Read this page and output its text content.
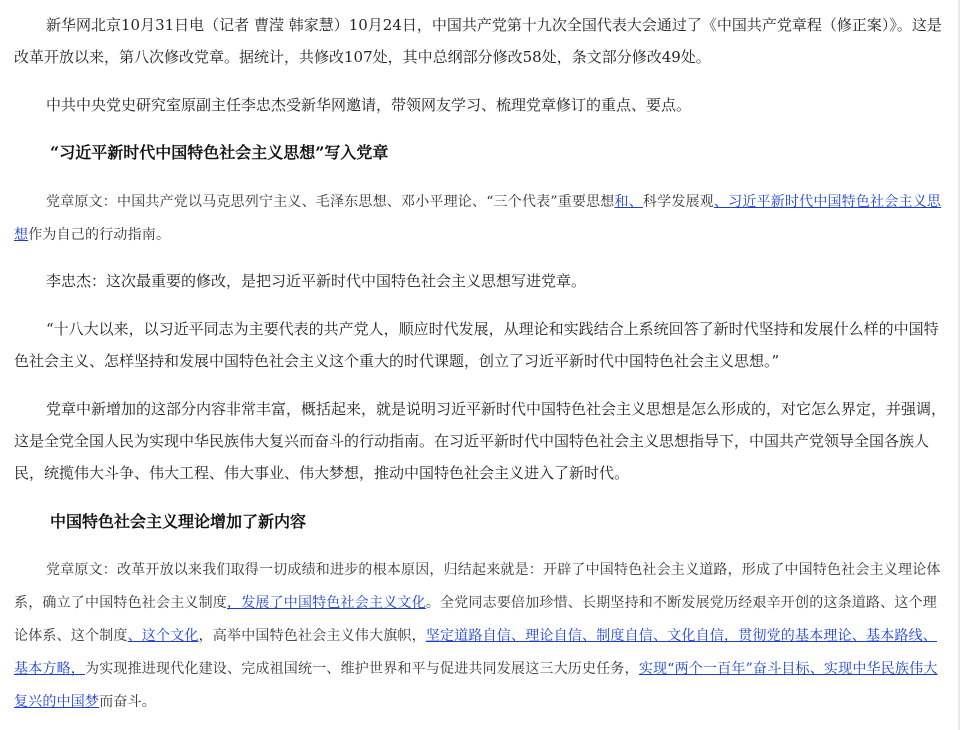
新华网北京10月31日电（记者 曹滢 韩家慧）10月24日，中国共产党第十九次全国代表大会通过了《中国共产党章程（修正案）》。这是改革开放以来，第八次修改党章。据统计，共修改107处，其中总纲部分修改58处，条文部分修改49处。

中共中央党史研究室原副主任李忠杰受新华网邀请，带领网友学习、梳理党章修订的重点、要点。

“习近平新时代中国特色社会主义思想”写入党章

党章原文：中国共产党以马克思列宁主义、毛泽东思想、邓小平理论、“三个代表”重要思想和、科学发展观、习近平新时代中国特色社会主义思想作为自己的行动指南。

李忠杰：这次最重要的修改，是把习近平新时代中国特色社会主义思想写进党章。

“十八大以来，以习近平同志为主要代表的共产党人，顺应时代发展，从理论和实践结合上系统回答了新时代坚持和发展什么样的中国特色社会主义、怎样坚持和发展中国特色社会主义这个重大的时代课题，创立了习近平新时代中国特色社会主义思想。”

党章中新增加的这部分内容非常丰富，概括起来，就是说明习近平新时代中国特色社会主义思想是怎么形成的，对它怎么界定，并强调，这是全党全国人民为实现中华民族伟大复兴而奋斗的行动指南。在习近平新时代中国特色社会主义思想指导下，中国共产党领导全国各族人民，统揽伟大斗争、伟大工程、伟大事业、伟大梦想，推动中国特色社会主义进入了新时代。

中国特色社会主义理论增加了新内容

党章原文：改革开放以来我们取得一切成绩和进步的根本原因，归结起来就是：开辟了中国特色社会主义道路，形成了中国特色社会主义理论体系，确立了中国特色社会主义制度，发展了中国特色社会主义文化。全党同志要倍加珍惜、长期坚持和不断发展党历经艰辛开创的这条道路、这个理论体系、这个制度、这个文化，高举中国特色社会主义伟大旗帜，坚定道路自信、理论自信、制度自信、文化自信，贯彻党的基本理论、基本路线、基本方略，为实现推进现代化建设、完成祖国统一、维护世界和平与促进共同发展这三大历史任务，实现“两个一百年”奋斗目标、实现中华民族伟大复兴的中国梦而奋斗。
